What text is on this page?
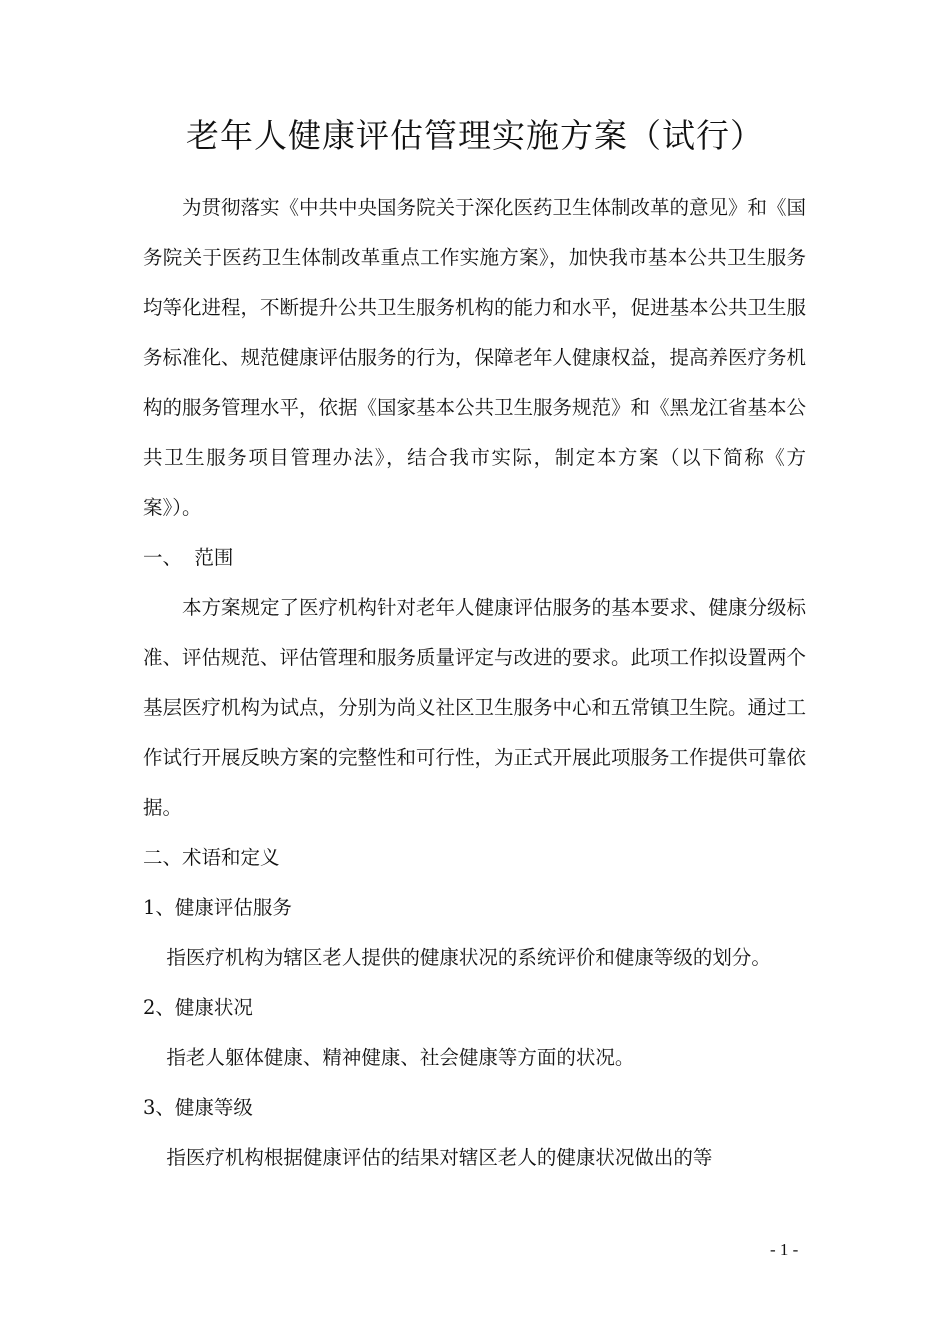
老年人健康评估管理实施方案（试行）

为贯彻落实《中共中央国务院关于深化医药卫生体制改革的意见》和《国务院关于医药卫生体制改革重点工作实施方案》，加快我市基本公共卫生服务均等化进程，不断提升公共卫生服务机构的能力和水平，促进基本公共卫生服务标准化、规范健康评估服务的行为，保障老年人健康权益，提高养医疗务机构的服务管理水平，依据《国家基本公共卫生服务规范》和《黑龙江省基本公共卫生服务项目管理办法》，结合我市实际，制定本方案（以下简称《方案》）。

一、  范围

本方案规定了医疗机构针对老年人健康评估服务的基本要求、健康分级标准、评估规范、评估管理和服务质量评定与改进的要求。此项工作拟设置两个基层医疗机构为试点，分别为尚义社区卫生服务中心和五常镇卫生院。通过工作试行开展反映方案的完整性和可行性，为正式开展此项服务工作提供可靠依据。

二、术语和定义

1、健康评估服务

指医疗机构为辖区老人提供的健康状况的系统评价和健康等级的划分。

2、健康状况

指老人躯体健康、精神健康、社会健康等方面的状况。

3、健康等级

指医疗机构根据健康评估的结果对辖区老人的健康状况做出的等

- 1 -
